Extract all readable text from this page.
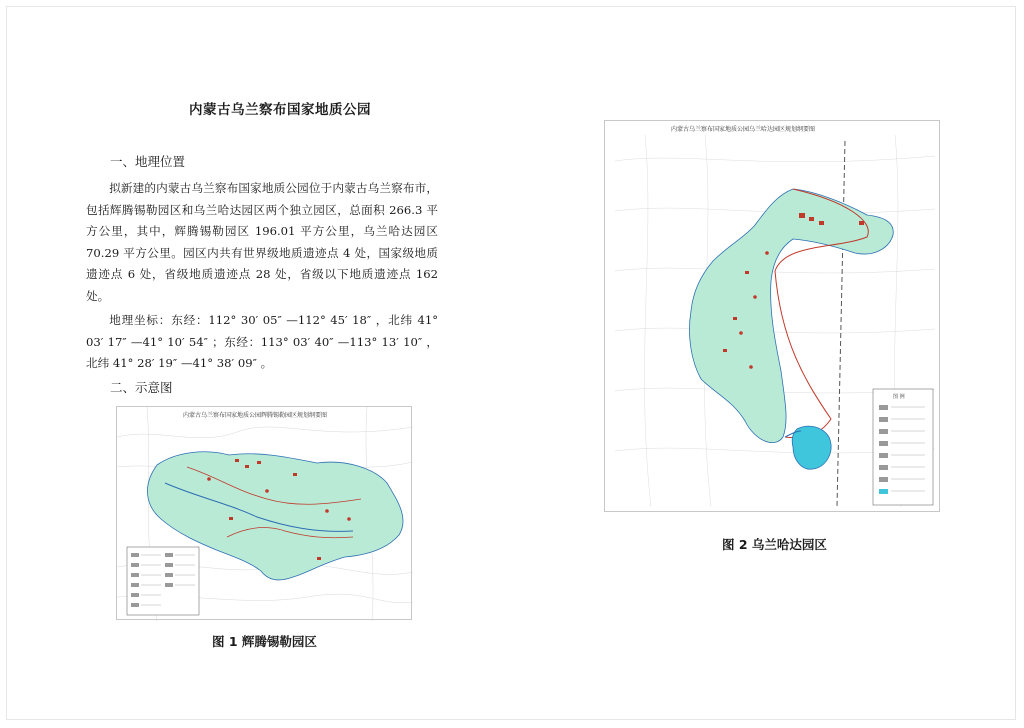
内蒙古乌兰察布国家地质公园
一、地理位置

拟新建的内蒙古乌兰察布国家地质公园位于内蒙古乌兰察布市，包括辉腾锡勒园区和乌兰哈达园区两个独立园区，总面积 266.3 平方公里，其中，辉腾锡勒园区 196.01 平方公里，乌兰哈达园区 70.29 平方公里。园区内共有世界级地质遗迹点 4 处，国家级地质遗迹点 6 处，省级地质遗迹点 28 处，省级以下地质遗迹点 162 处。

地理坐标：东经：112° 30′ 05″ —112° 45′ 18″ ，北纬 41° 03′ 17″ —41° 10′ 54″ ；东经：113° 03′ 40″ —113° 13′ 10″ ，北纬 41° 28′ 19″ —41° 38′ 09″ 。

二、示意图
内蒙古乌兰察布国家地质公园辉腾锡勒园区规划纲要图
图 1 辉腾锡勒园区
内蒙古乌兰察布国家地质公园乌兰哈达园区规划纲要图
图 例
图 2 乌兰哈达园区
